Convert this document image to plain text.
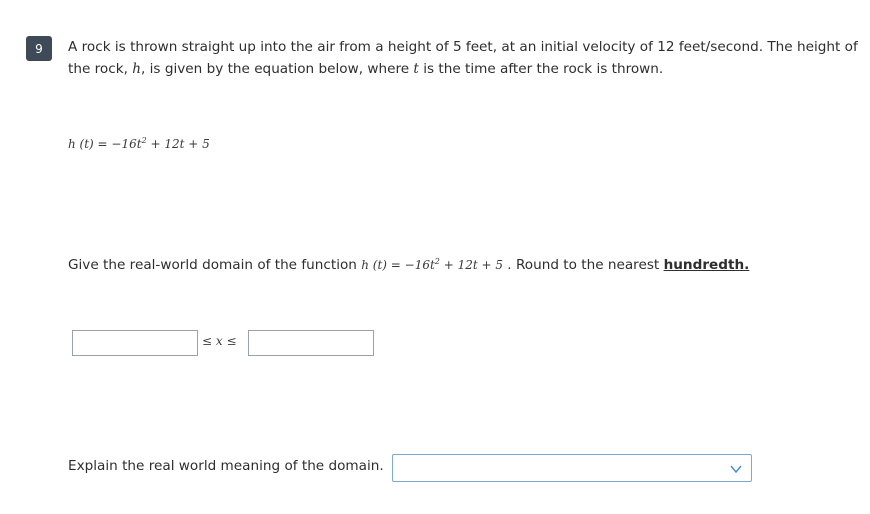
9	A rock is thrown straight up into the air from a height of 5 feet, at an initial velocity of 12 feet/second. The height of
the rock, h, is given by the equation below, where t is the time after the rock is thrown.
h $(t) = -16t^2 + 12t + 5$
Give the real-world domain of the function h $(t) = -16t^2 + 12t + 5$ . Round to the nearest hundredth.
≤ x ≤
Explain the real world meaning of the domain.
